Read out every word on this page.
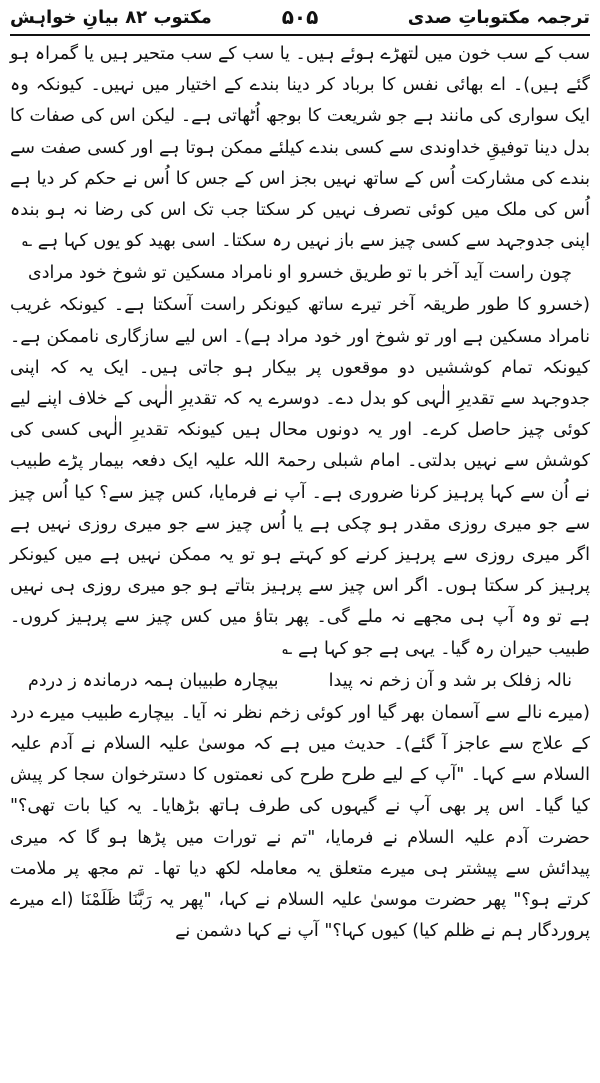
ترجمہ مکتوباتِ صدی
۵۰۵
مکتوب ۸۲ بیانِ خواہش

سب کے سب خون میں لتھڑے ہوئے ہیں۔ یا سب کے سب متحیر ہیں یا گمراہ ہو گئے ہیں)۔ اے بھائی نفس کا برباد کر دینا بندے کے اختیار میں نہیں۔ کیونکہ وہ ایک سواری کی مانند ہے جو شریعت کا بوجھ اُٹھاتی ہے۔ لیکن اس کی صفات کا بدل دینا توفیقِ خداوندی سے کسی بندے کیلئے ممکن ہوتا ہے اور کسی صفت سے بندے کی مشارکت اُس کے ساتھ نہیں بجز اس کے جس کا اُس نے حکم کر دیا ہے اُس کی ملک میں کوئی تصرف نہیں کر سکتا جب تک اس کی رضا نہ ہو بندہ اپنی جدوجہد سے کسی چیز سے باز نہیں رہ سکتا۔ اسی بھید کو یوں کہا ہے ؎

چون راست آید آخر با تو طریق خسرو
او نامراد مسکین تو شوخ خود مرادی

(خسرو کا طور طریقہ آخر تیرے ساتھ کیونکر راست آسکتا ہے۔ کیونکہ غریب نامراد مسکین ہے اور تو شوخ اور خود مراد ہے)۔ اس لیے سازگاری ناممکن ہے۔ کیونکہ تمام کوششیں دو موقعوں پر بیکار ہو جاتی ہیں۔ ایک یہ کہ اپنی جدوجہد سے تقدیرِ الٰہی کو بدل دے۔ دوسرے یہ کہ تقدیرِ الٰہی کے خلاف اپنے لیے کوئی چیز حاصل کرے۔ اور یہ دونوں محال ہیں کیونکہ تقدیرِ الٰہی کسی کی کوشش سے نہیں بدلتی۔ امام شبلی رحمۃ اللہ علیہ ایک دفعہ بیمار پڑے طبیب نے اُن سے کہا پرہیز کرنا ضروری ہے۔ آپ نے فرمایا، کس چیز سے؟ کیا اُس چیز سے جو میری روزی مقدر ہو چکی ہے یا اُس چیز سے جو میری روزی نہیں ہے اگر میری روزی سے پرہیز کرنے کو کہتے ہو تو یہ ممکن نہیں ہے میں کیونکر پرہیز کر سکتا ہوں۔ اگر اس چیز سے پرہیز بتاتے ہو جو میری روزی ہی نہیں ہے تو وہ آپ ہی مجھے نہ ملے گی۔ پھر بتاؤ میں کس چیز سے پرہیز کروں۔ طبیب حیران رہ گیا۔ یہی ہے جو کہا ہے ؎

نالہ زفلک بر شد و آن زخم نہ پیدا
بیچارہ طبیبان ہمہ درماندہ ز دردم

(میرے نالے سے آسمان بھر گیا اور کوئی زخم نظر نہ آیا۔ بیچارے طبیب میرے درد کے علاج سے عاجز آ گئے)۔ حدیث میں ہے کہ موسیٰ علیہ السلام نے آدم علیہ السلام سے کہا۔ "آپ کے لیے طرح طرح کی نعمتوں کا دسترخوان سجا کر پیش کیا گیا۔ اس پر بھی آپ نے گیہوں کی طرف ہاتھ بڑھایا۔ یہ کیا بات تھی؟" حضرت آدم علیہ السلام نے فرمایا، "تم نے تورات میں پڑھا ہو گا کہ میری پیدائش سے پیشتر ہی میرے متعلق یہ معاملہ لکھ دیا تھا۔ تم مجھ پر ملامت کرتے ہو؟" پھر حضرت موسیٰ علیہ السلام نے کہا، "پھر یہ رَبَّنَا ظَلَمْنَا (اے میرے پروردگار ہم نے ظلم کیا) کیوں کہا؟" آپ نے کہا دشمن نے
